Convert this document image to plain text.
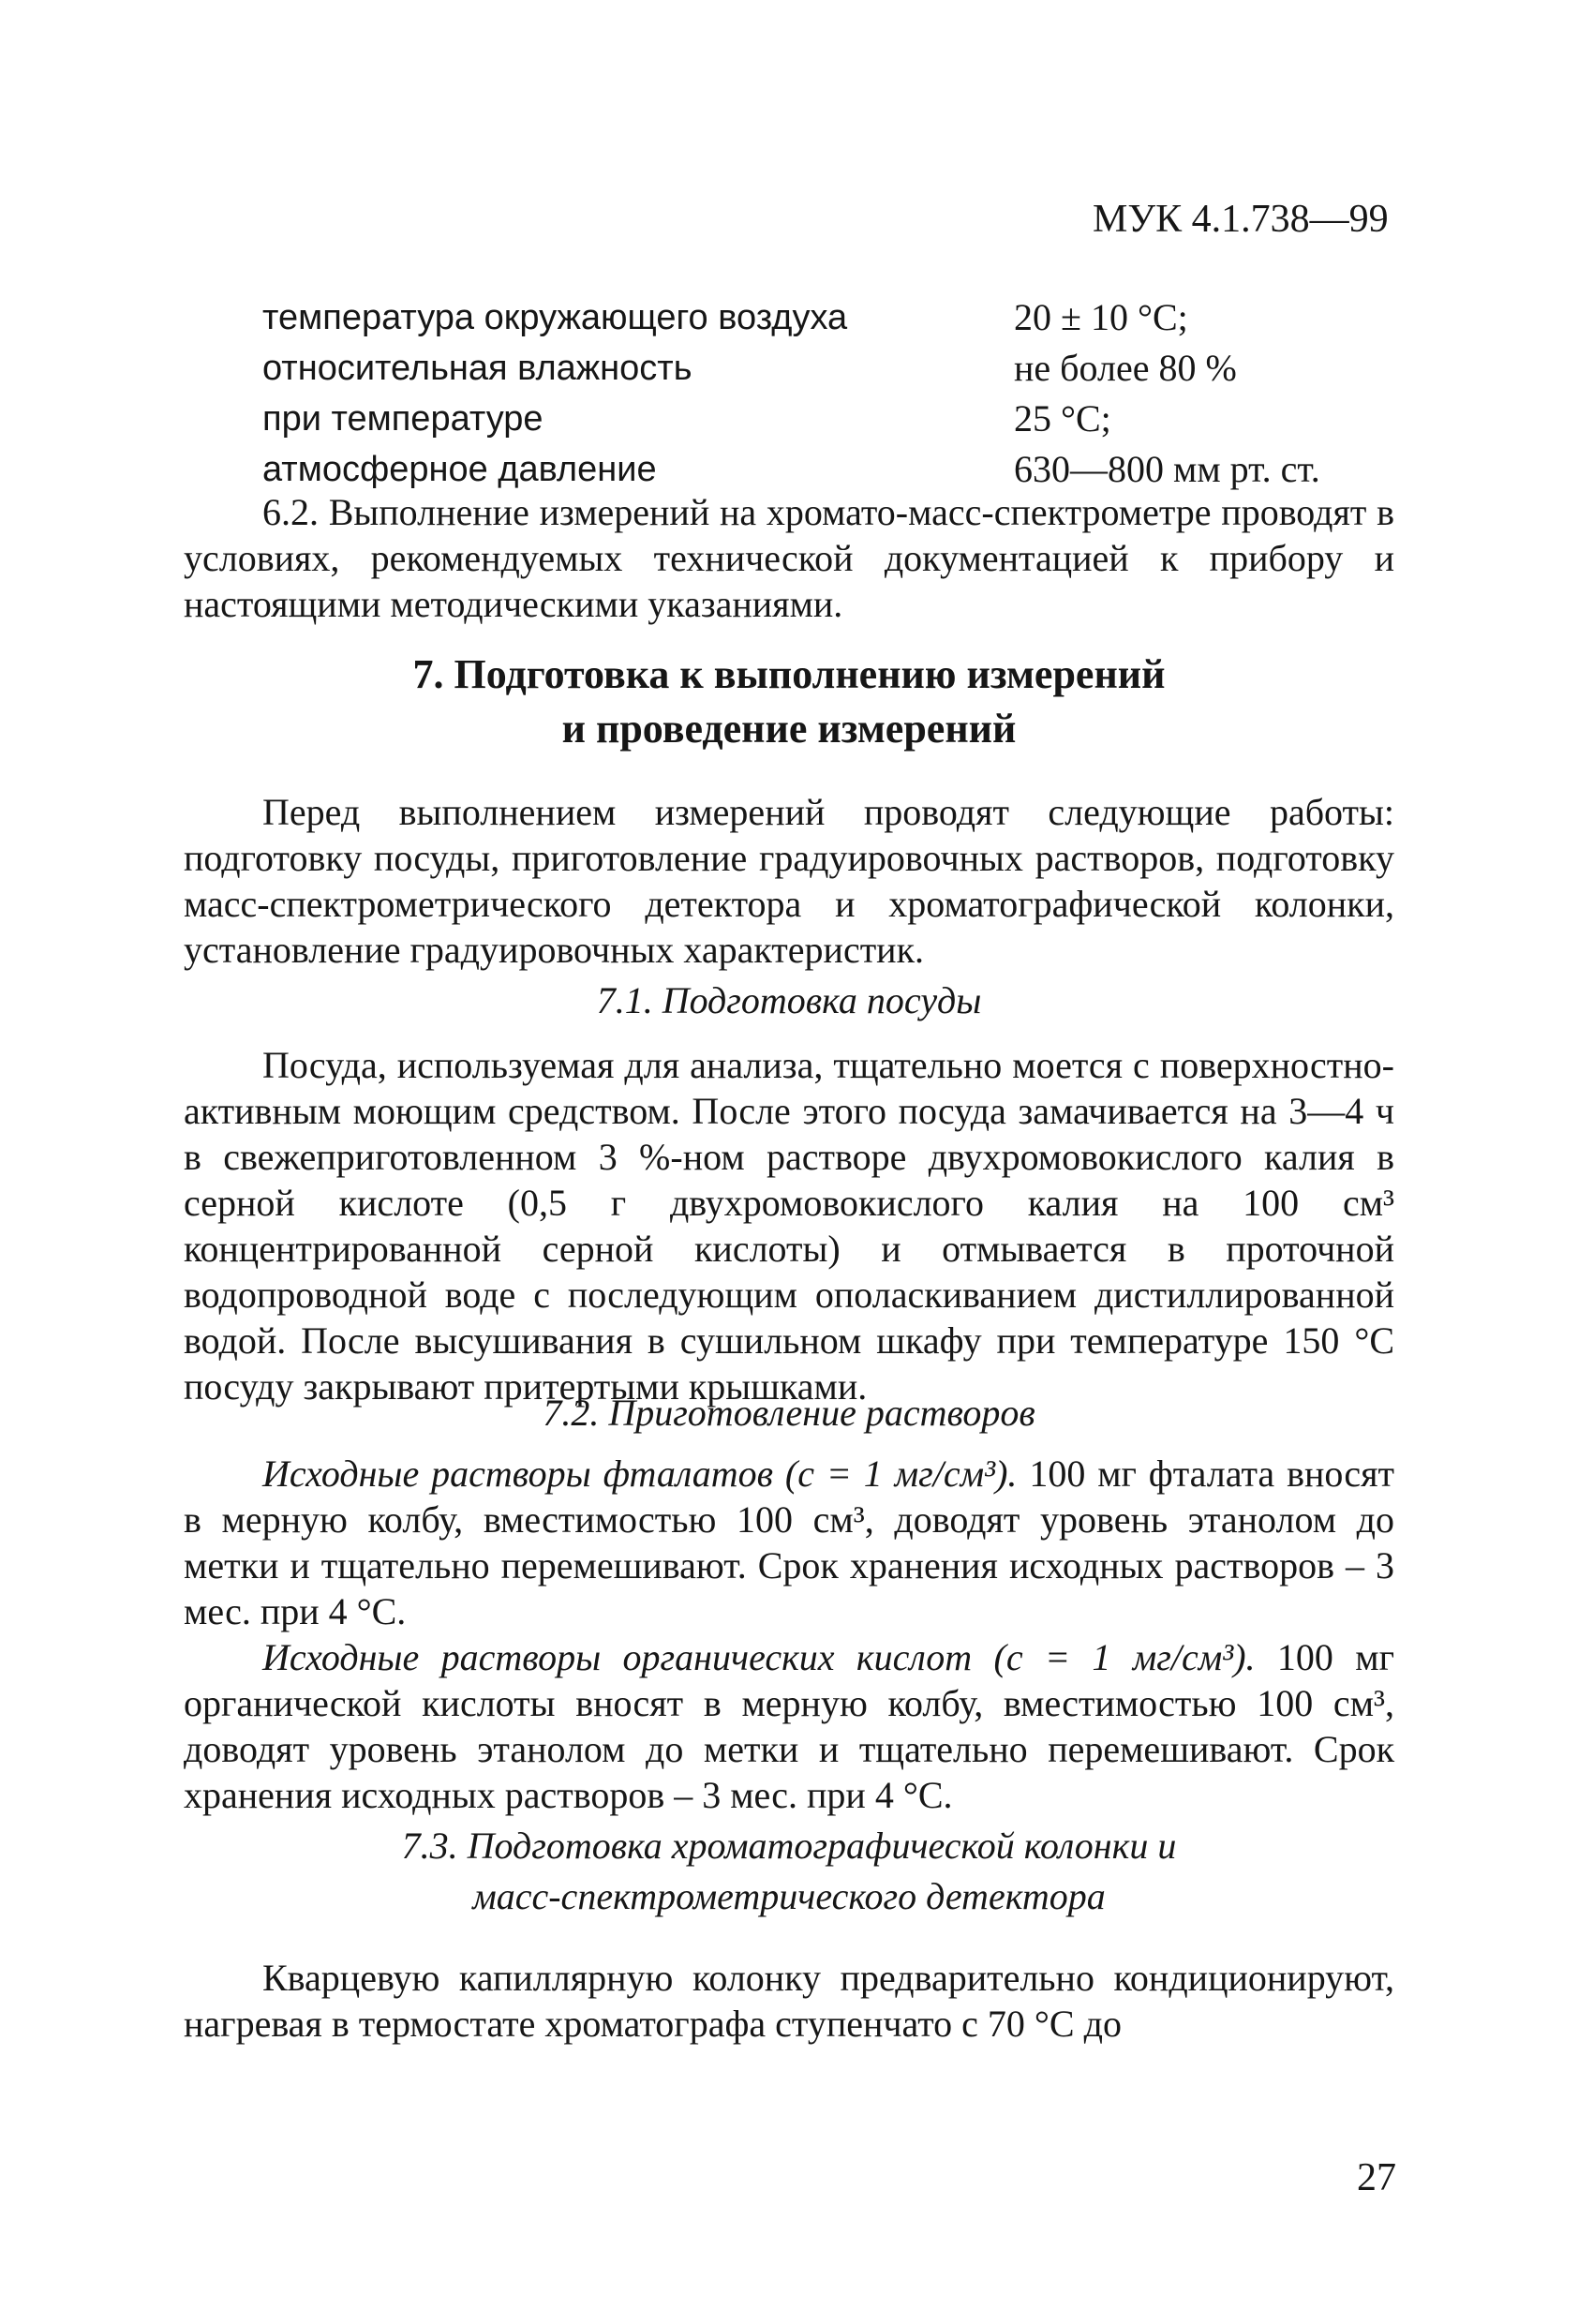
МУК 4.1.738—99
температура окружающего воздуха	20 ± 10 °С;
относительная влажность	не более 80 %
при температуре	25 °С;
атмосферное давление	630—800 мм рт. ст.

6.2. Выполнение измерений на хромато-масс-спектрометре проводят в условиях, рекомендуемых технической документацией к прибору и настоящими методическими указаниями.

7. Подготовка к выполнению измерений

и проведение измерений

Перед выполнением измерений проводят следующие работы: подготовку посуды, приготовление градуировочных растворов, подготовку масс-спектрометрического детектора и хроматографической колонки, установление градуировочных характеристик.

7.1. Подготовка посуды

Посуда, используемая для анализа, тщательно моется с поверхностно-активным моющим средством. После этого посуда замачивается на 3—4 ч в свежеприготовленном 3 %-ном растворе двухромовокислого калия в серной кислоте (0,5 г двухромовокислого калия на 100 см³ концентрированной серной кислоты) и отмывается в проточной водопроводной воде с последующим ополаскиванием дистиллированной водой. После высушивания в сушильном шкафу при температуре 150 °С посуду закрывают притертыми крышками.

7.2. Приготовление растворов

Исходные растворы фталатов (с = 1 мг/см³). 100 мг фталата вносят в мерную колбу, вместимостью 100 см³, доводят уровень этанолом до метки и тщательно перемешивают. Срок хранения исходных растворов – 3 мес. при 4 °С.

Исходные растворы органических кислот (с = 1 мг/см³). 100 мг органической кислоты вносят в мерную колбу, вместимостью 100 см³, доводят уровень этанолом до метки и тщательно перемешивают. Срок хранения исходных растворов – 3 мес. при 4 °С.

7.3. Подготовка хроматографической колонки и

масс-спектрометрического детектора

Кварцевую капиллярную колонку предварительно кондиционируют, нагревая в термостате хроматографа ступенчато с 70 °С до

27
